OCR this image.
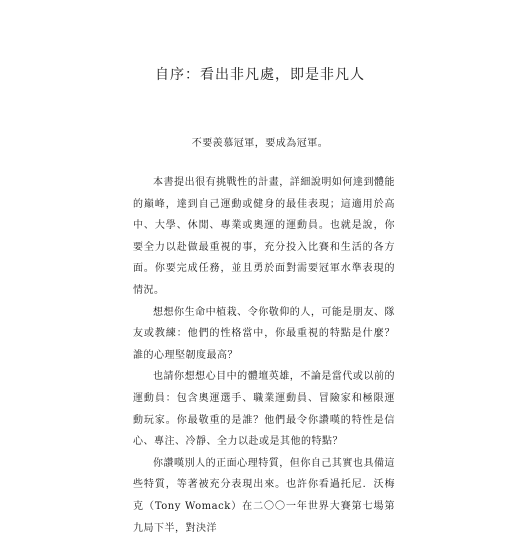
自序：看出非凡處，即是非凡人

不要羨慕冠軍，要成為冠軍。

本書提出很有挑戰性的計畫，詳細說明如何達到體能的巔峰，達到自己運動或健身的最佳表現；這適用於高中、大學、休閒、專業或奧運的運動員。也就是說，你要全力以赴做最重視的事，充分投入比賽和生活的各方面。你要完成任務，並且勇於面對需要冠軍水準表現的情況。

想想你生命中植栽、令你敬仰的人，可能是朋友、隊友或教練：他們的性格當中，你最重視的特點是什麼？誰的心理堅韌度最高？

也請你想想心目中的體壇英雄，不論是當代或以前的運動員：包含奧運選手、職業運動員、冒險家和極限運動玩家。你最敬重的是誰？他們最令你讚嘆的特性是信心、專注、冷靜、全力以赴或是其他的特點？

你讚嘆別人的正面心理特質，但你自己其實也具備這些特質，等著被充分表現出來。也許你看過托尼．沃梅克（Tony Womack）在二〇〇一年世界大賽第七場第九局下半，對決洋
